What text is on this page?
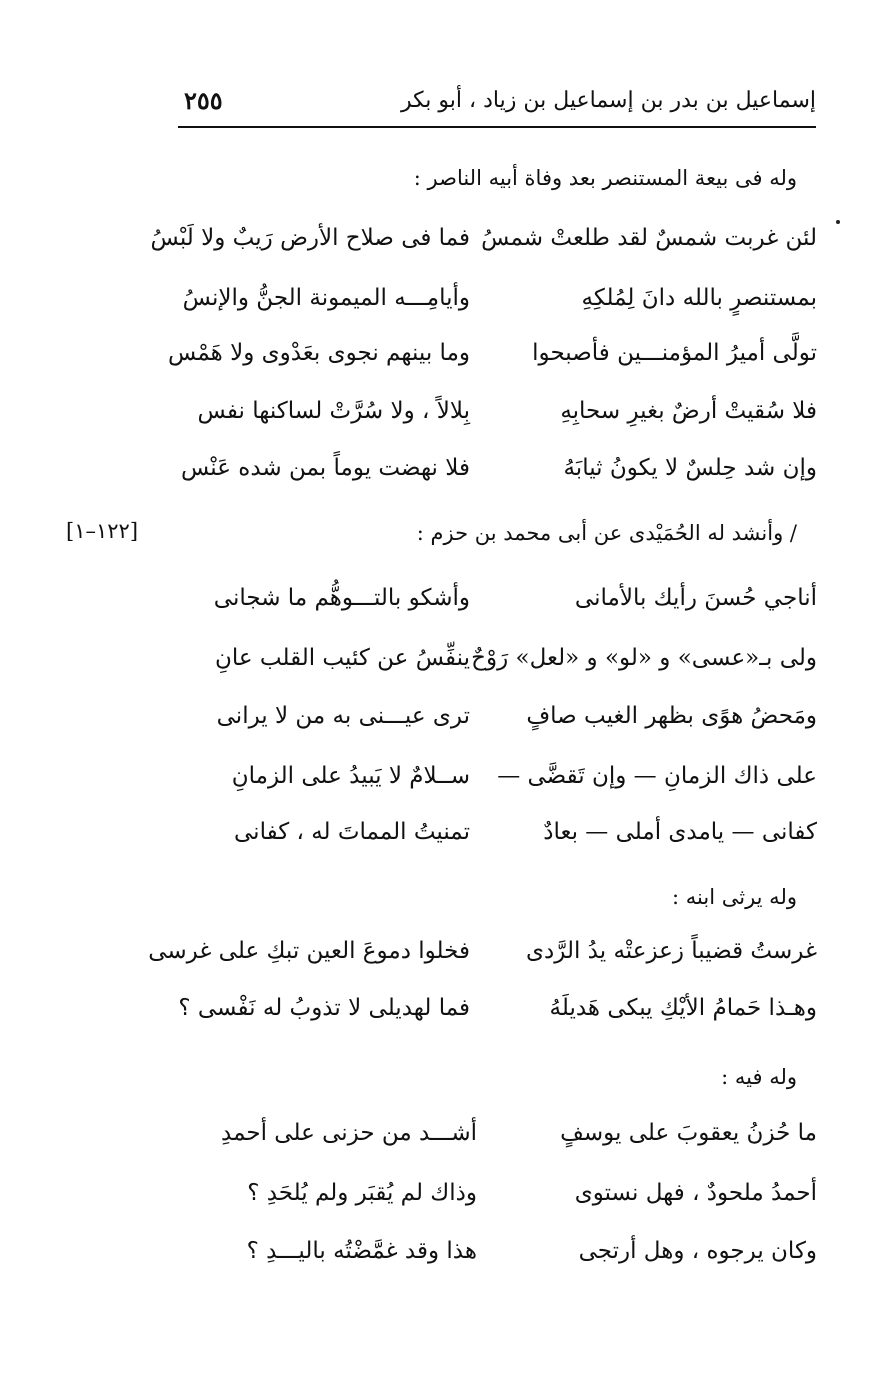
إسماعيل بن بدر بن إسماعيل بن زياد ، أبو بكر
٢٥٥
وله فى بيعة المستنصر بعد وفاة أبيه الناصر :
لئن غربت شمسٌ لقد طلعتْ شمسُ
فما فى صلاح الأرض رَيبٌ ولا لَبْسُ
بمستنصرٍ بالله دانَ لِمُلكِهِ
وأيامِـــه الميمونة الجنُّ والإنسُ
تولَّى أميرُ المؤمنـــين فأصبحوا
وما بينهم نجوى بعَدْوى ولا هَمْس
فلا سُقيتْ أرضٌ بغيرِ سحابِهِ
بِلالاً ، ولا سُرَّتْ لساكنها نفس
وإن شد حِلسٌ لا يكونُ ثيابَهُ
فلا نهضت يوماً بمن شده عَنْس
/ وأنشد له الحُمَيْدى عن أبى محمد بن حزم :
[١٢٢–١]
أناجي حُسنَ رأيك بالأمانى
وأشكو بالتـــوهُّم ما شجانى
ولى بـ«عسى» و «لو» و «لعل» رَوْحٌ
ينفِّسُ عن كئيب القلب عانِ
ومَحضُ هوًى بظهر الغيب صافٍ
ترى عيـــنى به من لا يرانى
على ذاك الزمانِ — وإن تَقضَّى —
ســلامٌ لا يَبيدُ على الزمانِ
كفانى — يامدى أملى — بعادٌ
تمنيتُ المماتَ له ، كفانى
وله يرثى ابنه :
غرستُ قضيباً زعزعتْه يدُ الرَّدى
فخلوا دموعَ العين تبكِ على غرسى
وهـذا حَمامُ الأيْكِ يبكى هَديلَهُ
فما لهديلى لا تذوبُ له نَفْسى ؟
وله فيه :
ما حُزنُ يعقوبَ على يوسفٍ
أشـــد من حزنى على أحمدِ
أحمدُ ملحودٌ ، فهل نستوى
وذاك لم يُقبَر ولم يُلحَدِ ؟
وكان يرجوه ، وهل أرتجى
هذا وقد غمَّضْتُه باليـــدِ ؟
